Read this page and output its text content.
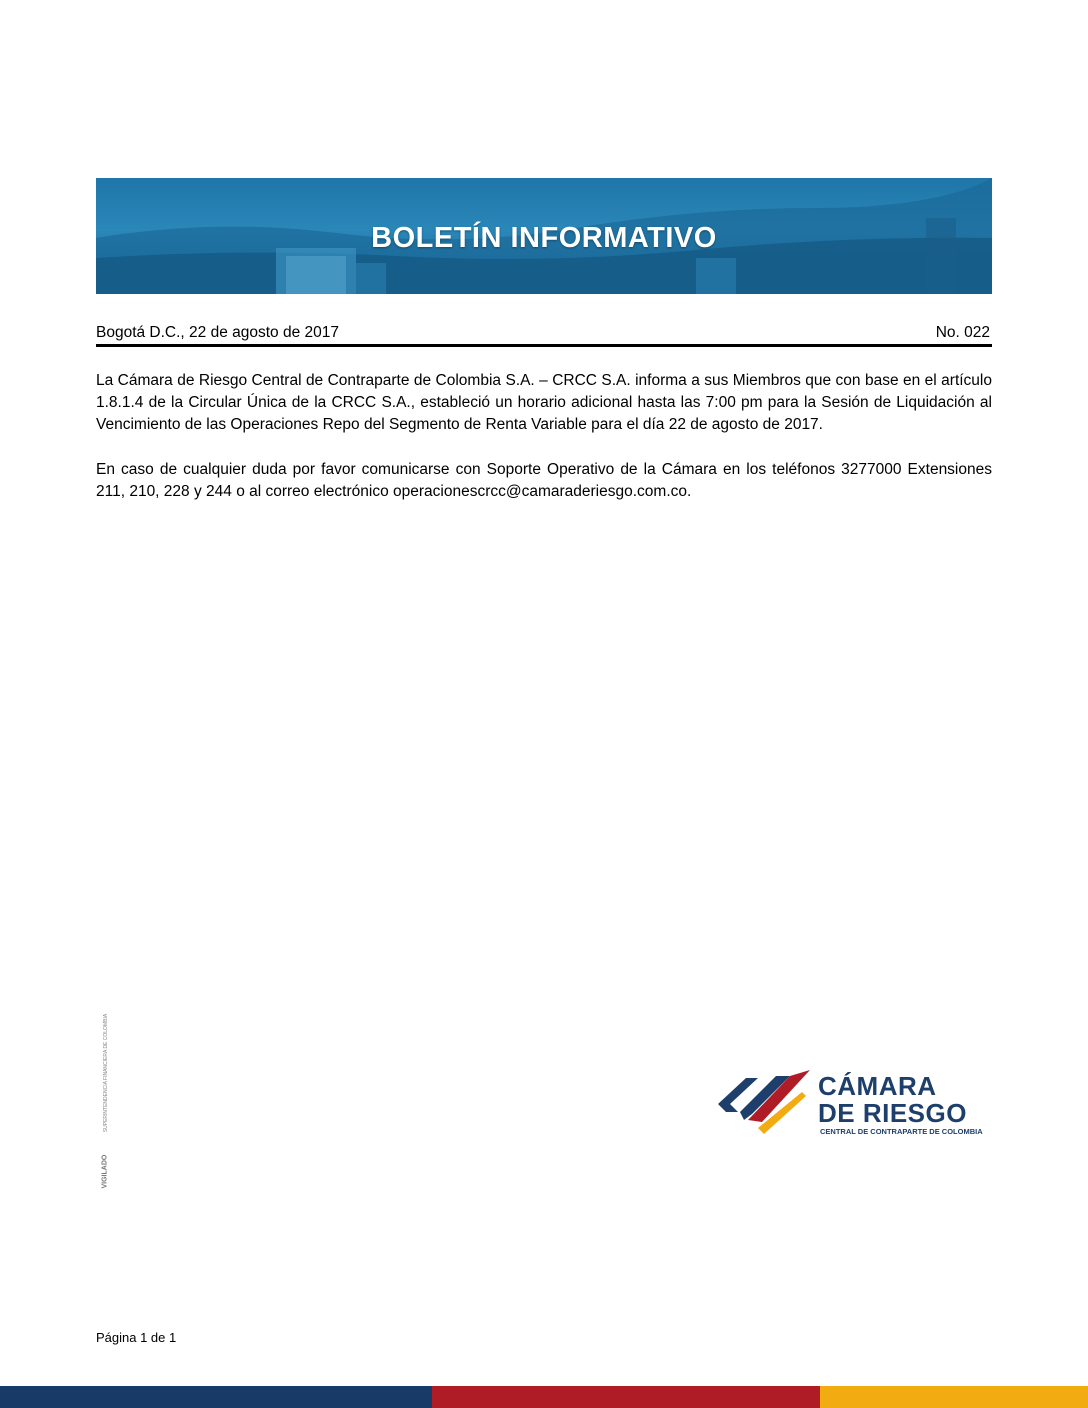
BOLETÍN INFORMATIVO
Bogotá D.C., 22 de agosto de 2017	No. 022

La Cámara de Riesgo Central de Contraparte de Colombia S.A. – CRCC S.A. informa a sus Miembros que con base en el artículo 1.8.1.4 de la Circular Única de la CRCC S.A., estableció un horario adicional hasta las 7:00 pm para la Sesión de Liquidación al Vencimiento de las Operaciones Repo del Segmento de Renta Variable para el día 22 de agosto de 2017.

En caso de cualquier duda por favor comunicarse con Soporte Operativo de la Cámara en los teléfonos 3277000 Extensiones 211, 210, 228 y 244 o al correo electrónico operacionescrcc@camaraderiesgo.com.co.

VIGILADO
SUPERINTENDENCIA FINANCIERA DE COLOMBIA	CÁMARA
DE RIESGO
CENTRAL DE CONTRAPARTE DE COLOMBIA
Página 1 de 1
